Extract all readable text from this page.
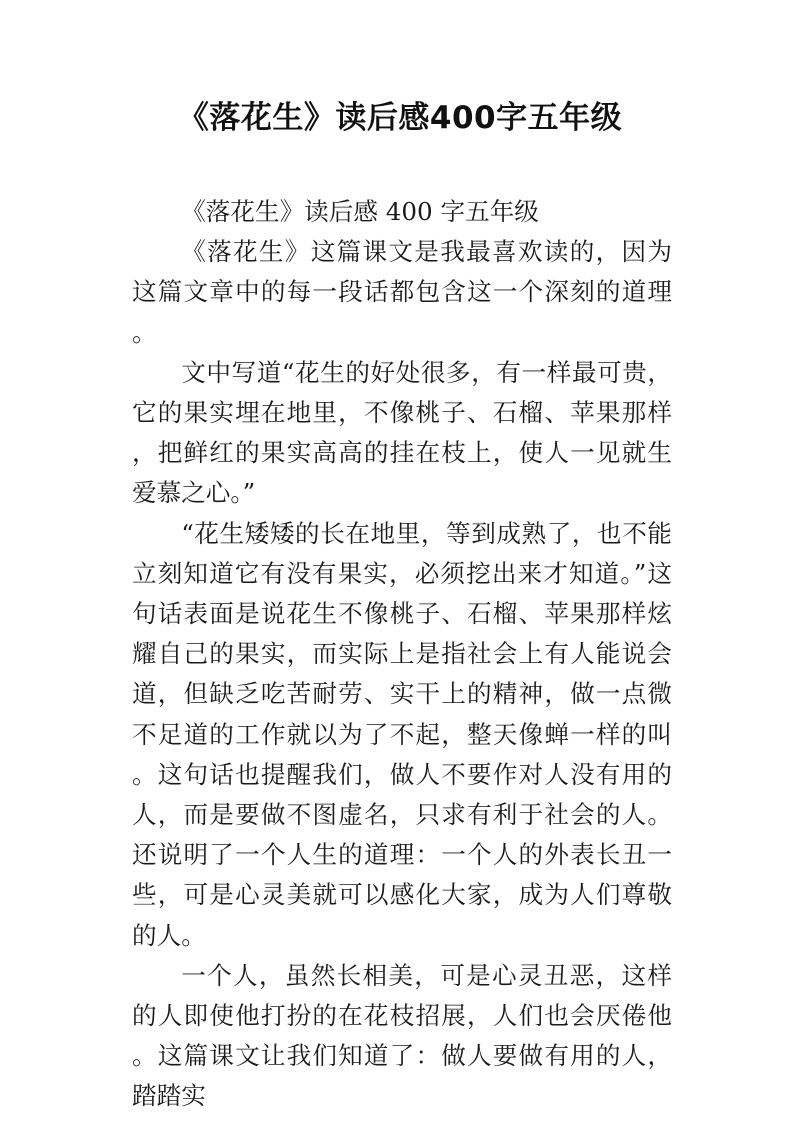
《落花生》读后感400字五年级

《落花生》读后感 400 字五年级

《落花生》这篇课文是我最喜欢读的，因为这篇文章中的每一段话都包含这一个深刻的道理。

文中写道“花生的好处很多，有一样最可贵，它的果实埋在地里，不像桃子、石榴、苹果那样，把鲜红的果实高高的挂在枝上，使人一见就生爱慕之心。”

“花生矮矮的长在地里，等到成熟了，也不能立刻知道它有没有果实，必须挖出来才知道。”这句话表面是说花生不像桃子、石榴、苹果那样炫耀自己的果实，而实际上是指社会上有人能说会道，但缺乏吃苦耐劳、实干上的精神，做一点微不足道的工作就以为了不起，整天像蝉一样的叫。这句话也提醒我们，做人不要作对人没有用的人，而是要做不图虚名，只求有利于社会的人。还说明了一个人生的道理：一个人的外表长丑一些，可是心灵美就可以感化大家，成为人们尊敬的人。

一个人，虽然长相美，可是心灵丑恶，这样的人即使他打扮的在花枝招展，人们也会厌倦他。这篇课文让我们知道了：做人要做有用的人，踏踏实
